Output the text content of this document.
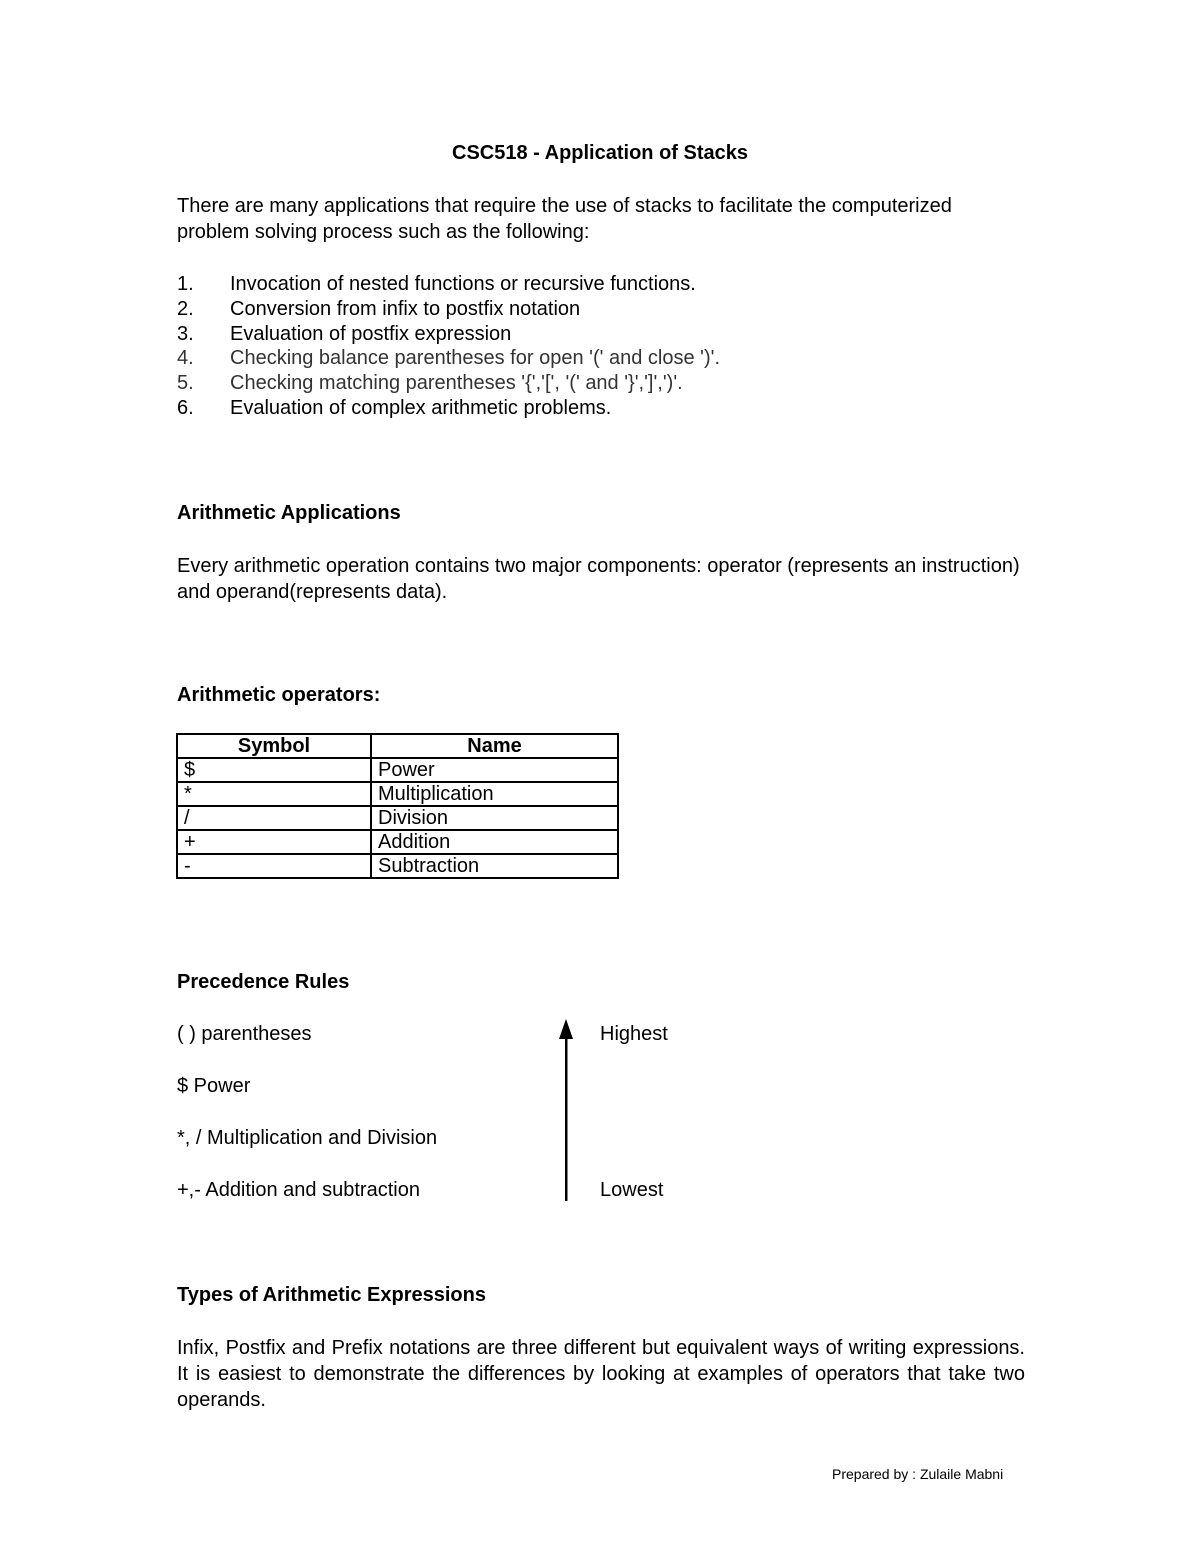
CSC518 - Application of Stacks
There are many applications that require the use of stacks to facilitate the computerized problem solving process such as the following:
1.	Invocation of nested functions or recursive functions.
2.	Conversion from infix to postfix notation
3.	Evaluation of postfix expression
4.	Checking balance parentheses for open '(' and close ')'.
5.	Checking matching parentheses '{','[', '(' and '}',']',')'.
6.	Evaluation of complex arithmetic problems.
Arithmetic Applications
Every arithmetic operation contains two major components: operator (represents an instruction) and operand(represents data).
Arithmetic operators:
Symbol	Name
$	Power
*	Multiplication
/	Division
+	Addition
-	Subtraction
Precedence Rules
( ) parentheses
$ Power
*, / Multiplication and Division
+,- Addition and subtraction
Highest
Lowest
Types of Arithmetic Expressions
Infix, Postfix and Prefix notations are three different but equivalent ways of writing expressions. It is easiest to demonstrate the differences by looking at examples of operators that take two operands.
Prepared by : Zulaile Mabni
